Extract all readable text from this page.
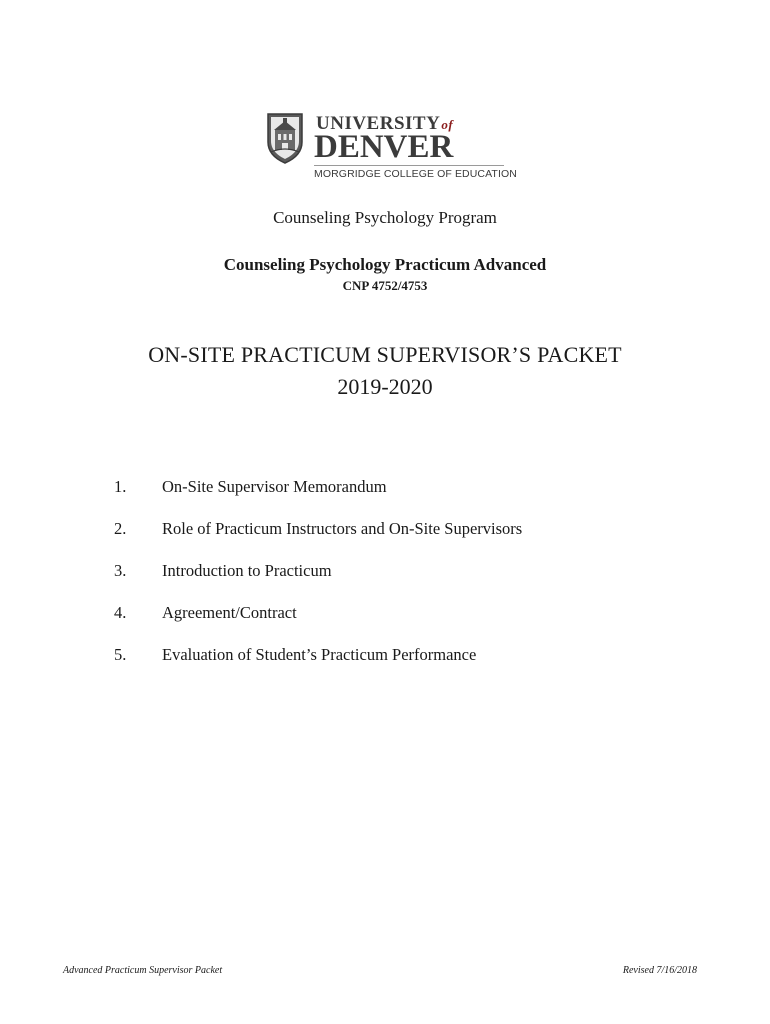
UNIVERSITYof
DENVER
MORGRIDGE COLLEGE OF EDUCATION
Counseling Psychology Program
Counseling Psychology Practicum Advanced
CNP 4752/4753
ON-SITE PRACTICUM SUPERVISOR’S PACKET
2019-2020
1.	On-Site Supervisor Memorandum
2.	Role of Practicum Instructors and On-Site Supervisors
3.	Introduction to Practicum
4.	Agreement/Contract
5.	Evaluation of Student’s Practicum Performance
Advanced Practicum Supervisor Packet	Revised 7/16/2018
